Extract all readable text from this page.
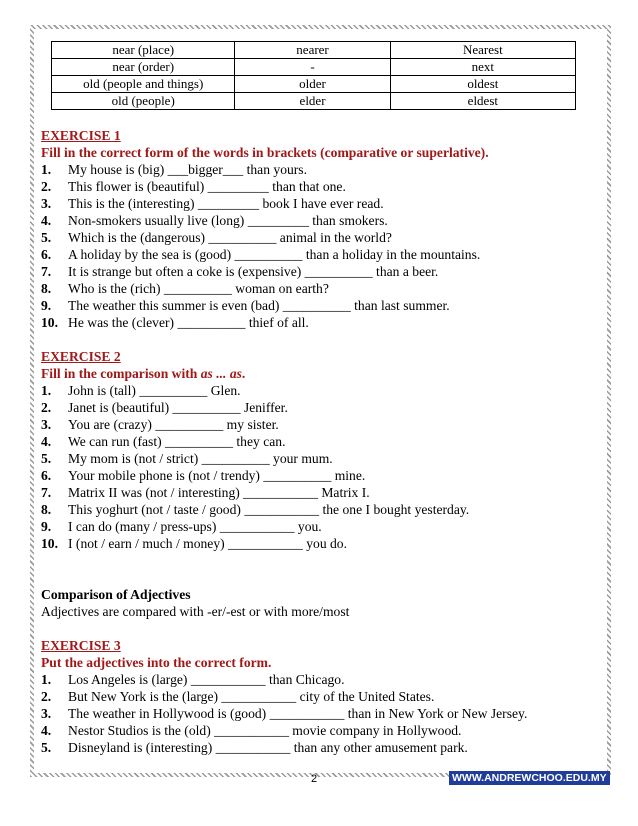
near (place)	nearer	Nearest
near (order)	-	next
old (people and things)	older	oldest
old (people)	elder	eldest
EXERCISE 1
Fill in the correct form of the words in brackets (comparative or superlative).
1.	My house is (big) ___bigger___ than yours.
2.	This flower is (beautiful) _________ than that one.
3.	This is the (interesting) _________ book I have ever read.
4.	Non-smokers usually live (long) _________ than smokers.
5.	Which is the (dangerous) __________ animal in the world?
6.	A holiday by the sea is (good) __________ than a holiday in the mountains.
7.	It is strange but often a coke is (expensive) __________ than a beer.
8.	Who is the (rich) __________ woman on earth?
9.	The weather this summer is even (bad) __________ than last summer.
10. He was the (clever) __________ thief of all.
EXERCISE 2
Fill in the comparison with as ... as.
1.	John is (tall) __________ Glen.
2.	Janet is (beautiful) __________ Jeniffer.
3.	You are (crazy) __________ my sister.
4.	We can run (fast) __________ they can.
5.	My mom is (not / strict) __________ your mum.
6.	Your mobile phone is (not / trendy) __________ mine.
7.	Matrix II was (not / interesting) ___________ Matrix I.
8.	This yoghurt (not / taste / good) ___________ the one I bought yesterday.
9.	I can do (many / press-ups) ___________ you.
10. I (not / earn / much / money) ___________ you do.
Comparison of Adjectives
Adjectives are compared with -er/-est or with more/most
EXERCISE 3
Put the adjectives into the correct form.
1.	Los Angeles is (large) ___________ than Chicago.
2.	But New York is the (large) ___________ city of the United States.
3.	The weather in Hollywood is (good) ___________ than in New York or New Jersey.
4.	Nestor Studios is the (old) ___________ movie company in Hollywood.
5.	Disneyland is (interesting) ___________ than any other amusement park.
2	WWW.ANDREWCHOO.EDU.MY
